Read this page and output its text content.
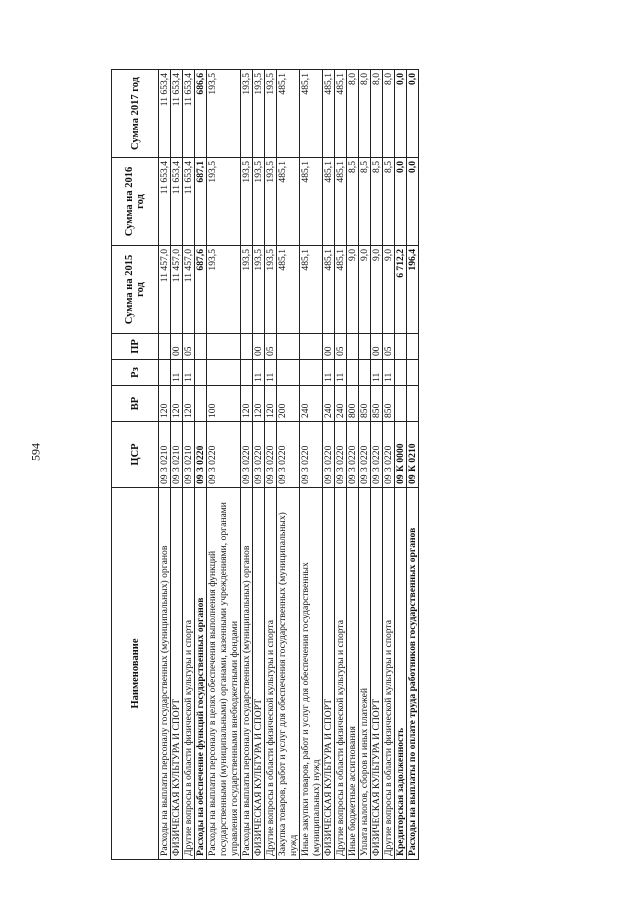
594
Наименование	ЦСР	ВР	Рз	ПР	Сумма на 2015 год	Сумма на 2016 год	Сумма 2017 год
Расходы на выплаты персоналу государственных (муниципальных) органов	09 3 0210	120			11 457,0	11 653,4	11 653,4
ФИЗИЧЕСКАЯ КУЛЬТУРА И СПОРТ	09 3 0210	120	11	00	11 457,0	11 653,4	11 653,4
Другие вопросы в области физической культуры и спорта	09 3 0210	120	11	05	11 457,0	11 653,4	11 653,4
Расходы на обеспечение функций государственных органов	09 3 0220				687,6	687,1	686,6
Расходы на выплаты персоналу в целях обеспечения выполнения функций государственными (муниципальными) органами, казенными учреждениями, органами управления государственными внебюджетными фондами	09 3 0220	100			193,5	193,5	193,5
Расходы на выплаты персоналу государственных (муниципальных) органов	09 3 0220	120			193,5	193,5	193,5
ФИЗИЧЕСКАЯ КУЛЬТУРА И СПОРТ	09 3 0220	120	11	00	193,5	193,5	193,5
Другие вопросы в области физической культуры и спорта	09 3 0220	120	11	05	193,5	193,5	193,5
Закупка товаров, работ и услуг для обеспечения государственных (муниципальных) нужд	09 3 0220	200			485,1	485,1	485,1
Иные закупки товаров, работ и услуг для обеспечения государственных (муниципальных) нужд	09 3 0220	240			485,1	485,1	485,1
ФИЗИЧЕСКАЯ КУЛЬТУРА И СПОРТ	09 3 0220	240	11	00	485,1	485,1	485,1
Другие вопросы в области физической культуры и спорта	09 3 0220	240	11	05	485,1	485,1	485,1
Иные бюджетные ассигнования	09 3 0220	800			9,0	8,5	8,0
Уплата налогов, сборов и иных платежей	09 3 0220	850			9,0	8,5	8,0
ФИЗИЧЕСКАЯ КУЛЬТУРА И СПОРТ	09 3 0220	850	11	00	9,0	8,5	8,0
Другие вопросы в области физической культуры и спорта	09 3 0220	850	11	05	9,0	8,5	8,0
Кредиторская задолженность	09 К 0000				6 712,2	0,0	0,0
Расходы на выплаты по оплате труда работников государственных органов	09 К 0210				196,4	0,0	0,0
